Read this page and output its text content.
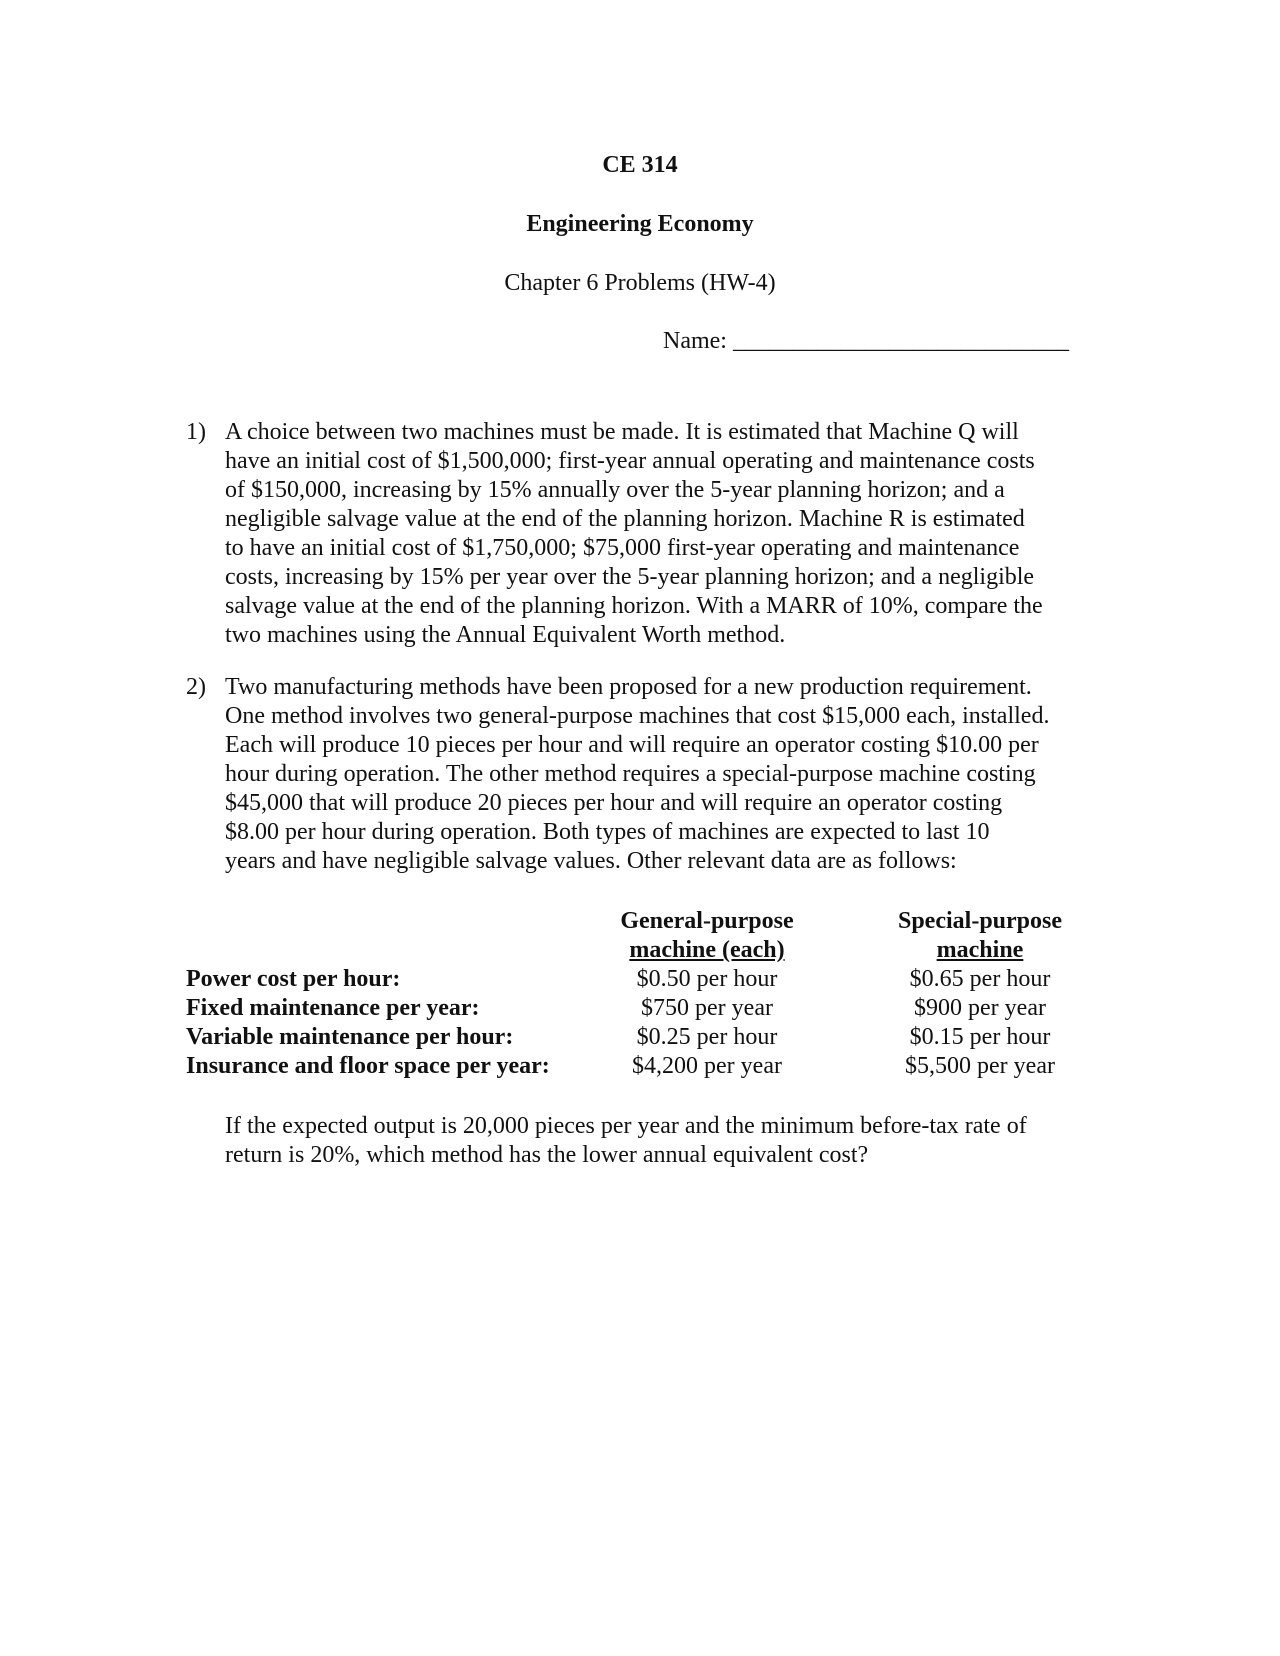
CE 314
Engineering Economy
Chapter 6 Problems (HW-4)
Name: ____________________________
1) A choice between two machines must be made. It is estimated that Machine Q will
have an initial cost of $1,500,000; first-year annual operating and maintenance costs
of $150,000, increasing by 15% annually over the 5-year planning horizon; and a
negligible salvage value at the end of the planning horizon. Machine R is estimated
to have an initial cost of $1,750,000; $75,000 first-year operating and maintenance
costs, increasing by 15% per year over the 5-year planning horizon; and a negligible
salvage value at the end of the planning horizon. With a MARR of 10%, compare the
two machines using the Annual Equivalent Worth method.
2) Two manufacturing methods have been proposed for a new production requirement.
One method involves two general-purpose machines that cost $15,000 each, installed.
Each will produce 10 pieces per hour and will require an operator costing $10.00 per
hour during operation. The other method requires a special-purpose machine costing
$45,000 that will produce 20 pieces per hour and will require an operator costing
$8.00 per hour during operation. Both types of machines are expected to last 10
years and have negligible salvage values. Other relevant data are as follows:
Power cost per hour:
Fixed maintenance per year:
Variable maintenance per hour:
Insurance and floor space per year:
General-purpose
machine (each)
$0.50 per hour
$750 per year
$0.25 per hour
$4,200 per year
Special-purpose
machine
$0.65 per hour
$900 per year
$0.15 per hour
$5,500 per year
If the expected output is 20,000 pieces per year and the minimum before-tax rate of
return is 20%, which method has the lower annual equivalent cost?
